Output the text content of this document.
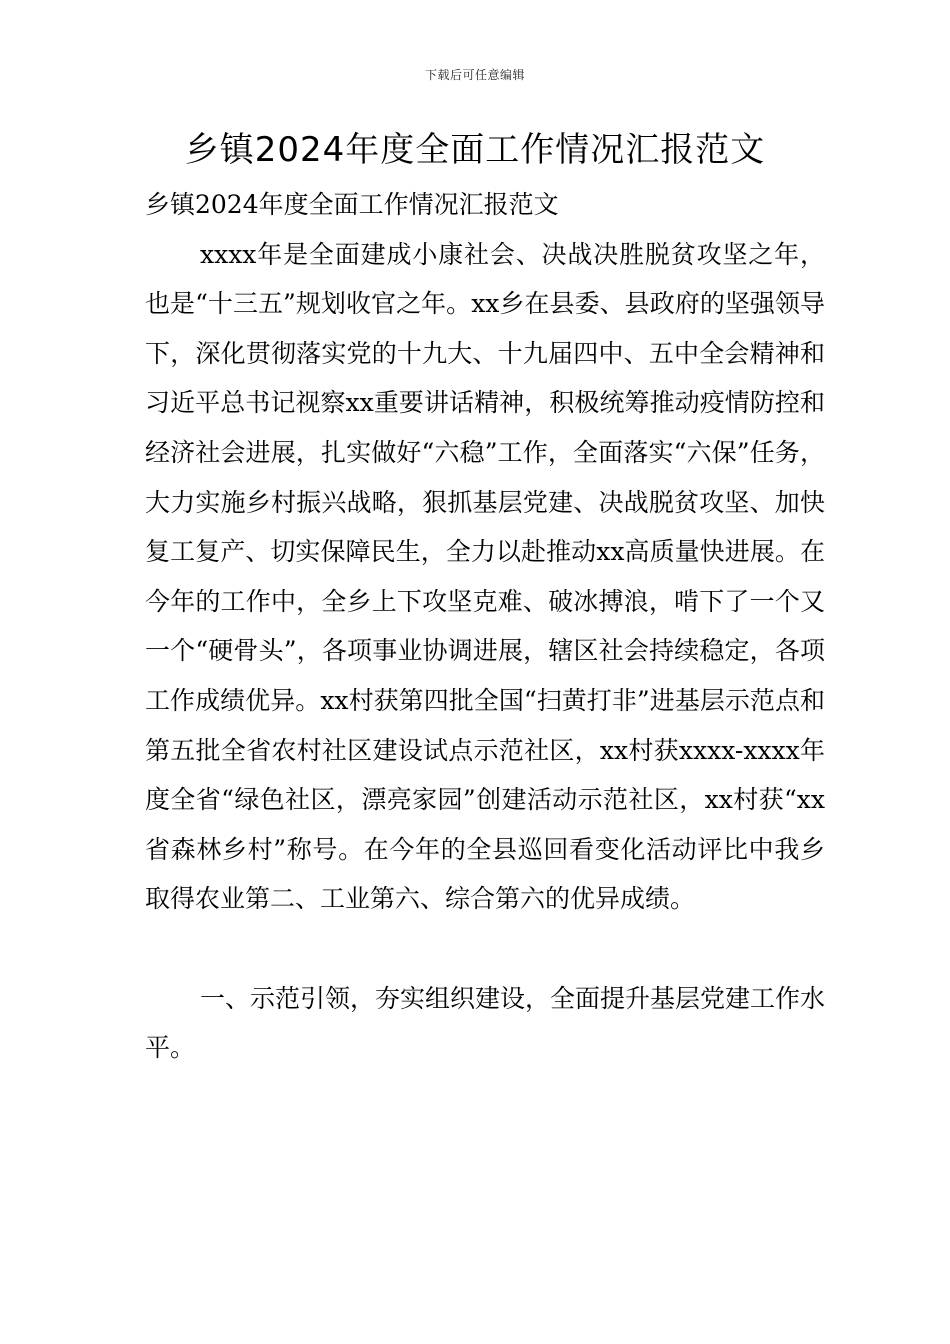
下载后可任意编辑
乡镇2024年度全面工作情况汇报范文

乡镇2024年度全面工作情况汇报范文

xxxx年是全面建成小康社会、决战决胜脱贫攻坚之年，也是“十三五”规划收官之年。xx乡在县委、县政府的坚强领导下，深化贯彻落实党的十九大、十九届四中、五中全会精神和习近平总书记视察xx重要讲话精神，积极统筹推动疫情防控和经济社会进展，扎实做好“六稳”工作，全面落实“六保”任务，大力实施乡村振兴战略，狠抓基层党建、决战脱贫攻坚、加快复工复产、切实保障民生，全力以赴推动xx高质量快进展。在今年的工作中，全乡上下攻坚克难、破冰搏浪，啃下了一个又一个“硬骨头”，各项事业协调进展，辖区社会持续稳定，各项工作成绩优异。xx村获第四批全国“扫黄打非”进基层示范点和第五批全省农村社区建设试点示范社区，xx村获xxxx-xxxx年度全省“绿色社区，漂亮家园”创建活动示范社区，xx村获“xx省森林乡村”称号。在今年的全县巡回看变化活动评比中我乡取得农业第二、工业第六、综合第六的优异成绩。

一、示范引领，夯实组织建设，全面提升基层党建工作水平。
